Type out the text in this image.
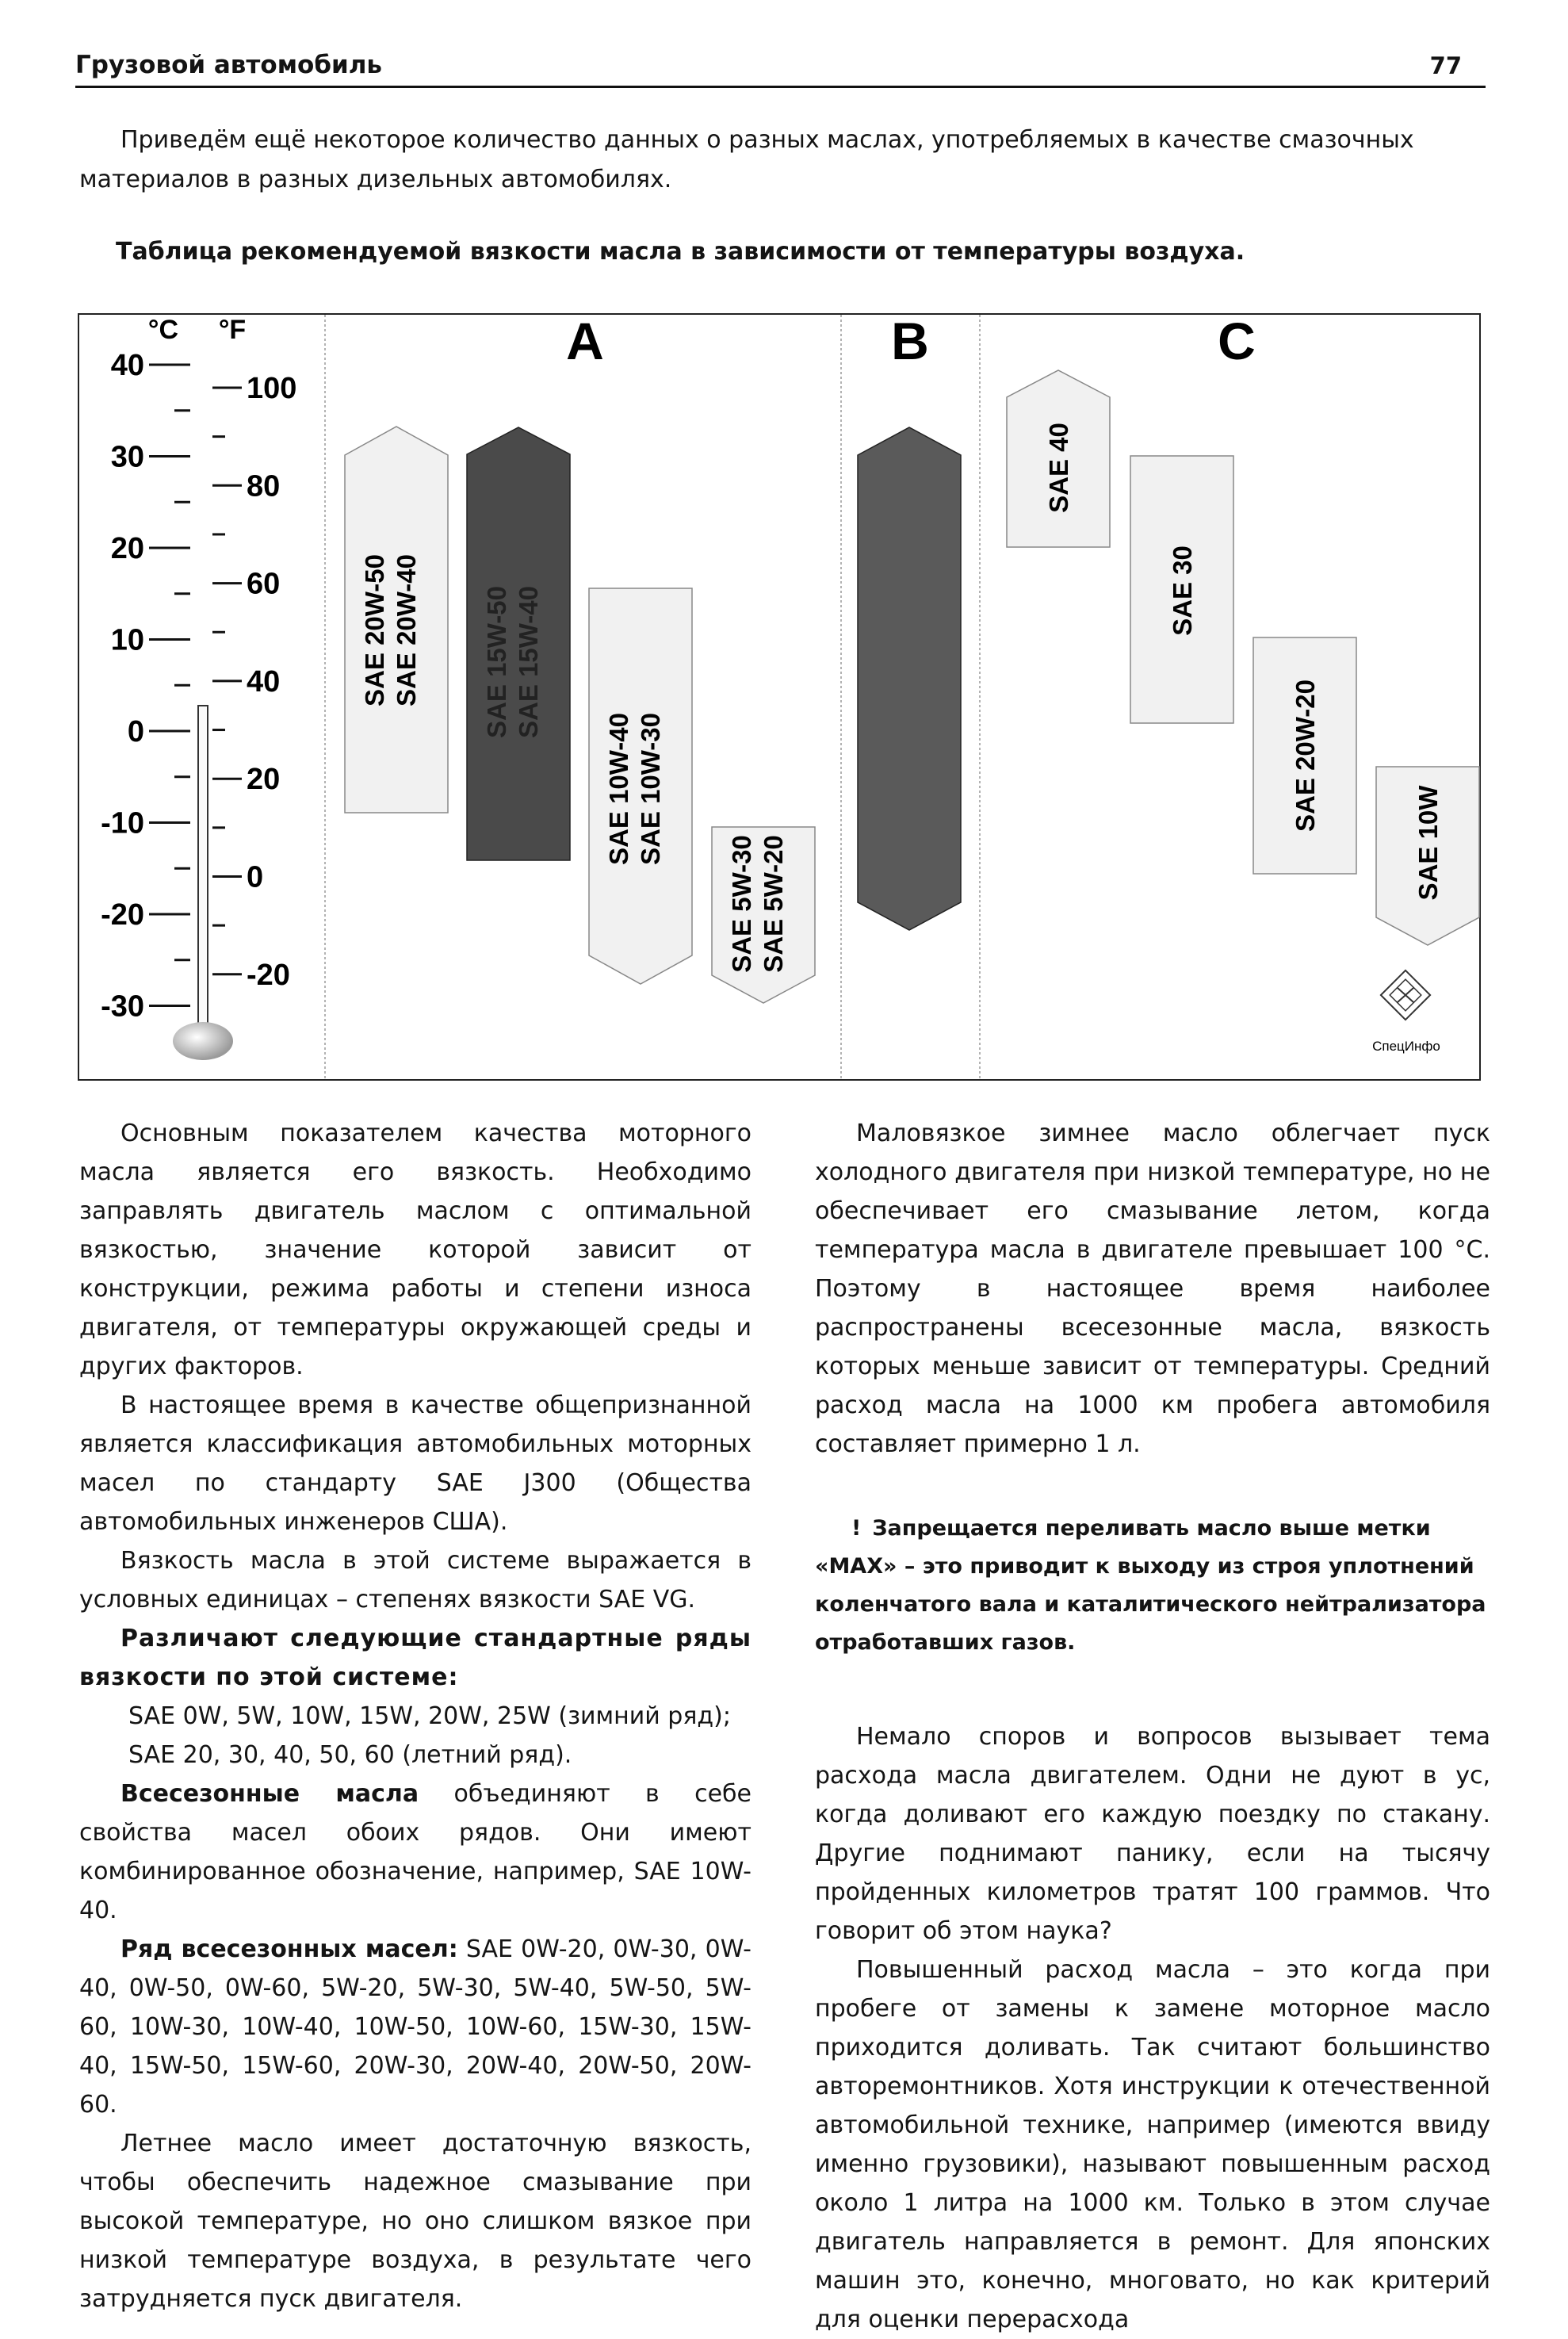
Грузовой автомобиль	77

Приведём ещё некоторое количество данных о разных маслах, употребляемых в качестве смазочных материалов в разных дизельных автомобилях.

Таблица рекомендуемой вязкости масла в зависимости от температуры воздуха.

°C °F
40
30
20
10
0
-10
-20
-30
100
80
60
40
20
0
-20
A	B	C
SAE 20W-50 SAE 20W-40 SAE 15W-50 SAE 15W-40
SAE 10W-40 SAE 10W-30
SAE 5W-30 SAE 5W-20
SAE 40
SAE 30
SAE 20W-20
SAE 10W
СпецИнфо

Основным показателем качества моторного масла является его вязкость. Необходимо заправлять двигатель маслом с оптимальной вязкостью, значение которой зависит от конструкции, режима работы и степени износа двигателя, от температуры окружающей среды и других факторов.

В настоящее время в качестве общепризнанной является классификация автомобильных моторных масел по стандарту SAE J300 (Общества автомобильных инженеров США).

Вязкость масла в этой системе выражается в условных единицах – степенях вязкости SAE VG.

Различают следующие стандартные ряды вязкости по этой системе:

SAE 0W, 5W, 10W, 15W, 20W, 25W (зимний ряд);

SAE 20, 30, 40, 50, 60 (летний ряд).

Всесезонные масла объединяют в себе свойства масел обоих рядов. Они имеют комбинированное обозначение, например, SAE 10W-40.

Ряд всесезонных масел: SAE 0W-20, 0W-30, 0W-40, 0W-50, 0W-60, 5W-20, 5W-30, 5W-40, 5W-50, 5W-60, 10W-30, 10W-40, 10W-50, 10W-60, 15W-30, 15W-40, 15W-50, 15W-60, 20W-30, 20W-40, 20W-50, 20W-60.

Летнее масло имеет достаточную вязкость, чтобы обеспечить надежное смазывание при высокой температуре, но оно слишком вязкое при низкой температуре воздуха, в результате чего затрудняется пуск двигателя.

Маловязкое зимнее масло облегчает пуск холодного двигателя при низкой температуре, но не обеспечивает его смазывание летом, когда температура масла в двигателе превышает 100 °С. Поэтому в настоящее время наиболее распространены всесезонные масла, вязкость которых меньше зависит от температуры. Средний расход масла на 1000 км пробега автомобиля составляет примерно 1 л.

! Запрещается переливать масло выше метки «MAX» – это приводит к выходу из строя уплотнений коленчатого вала и каталитического нейтрализатора отработавших газов.

Немало споров и вопросов вызывает тема расхода масла двигателем. Одни не дуют в ус, когда доливают его каждую поездку по стакану. Другие поднимают панику, если на тысячу пройденных километров тратят 100 граммов. Что говорит об этом наука?

Повышенный расход масла – это когда при пробеге от замены к замене моторное масло приходится доливать. Так считают большинство авторемонтников. Хотя инструкции к отечественной автомобильной технике, например (имеются ввиду именно грузовики), называют повышенным расход около 1 литра на 1000 км. Только в этом случае двигатель направляется в ремонт. Для японских машин это, конечно, многовато, но как критерий для оценки перерасхода
